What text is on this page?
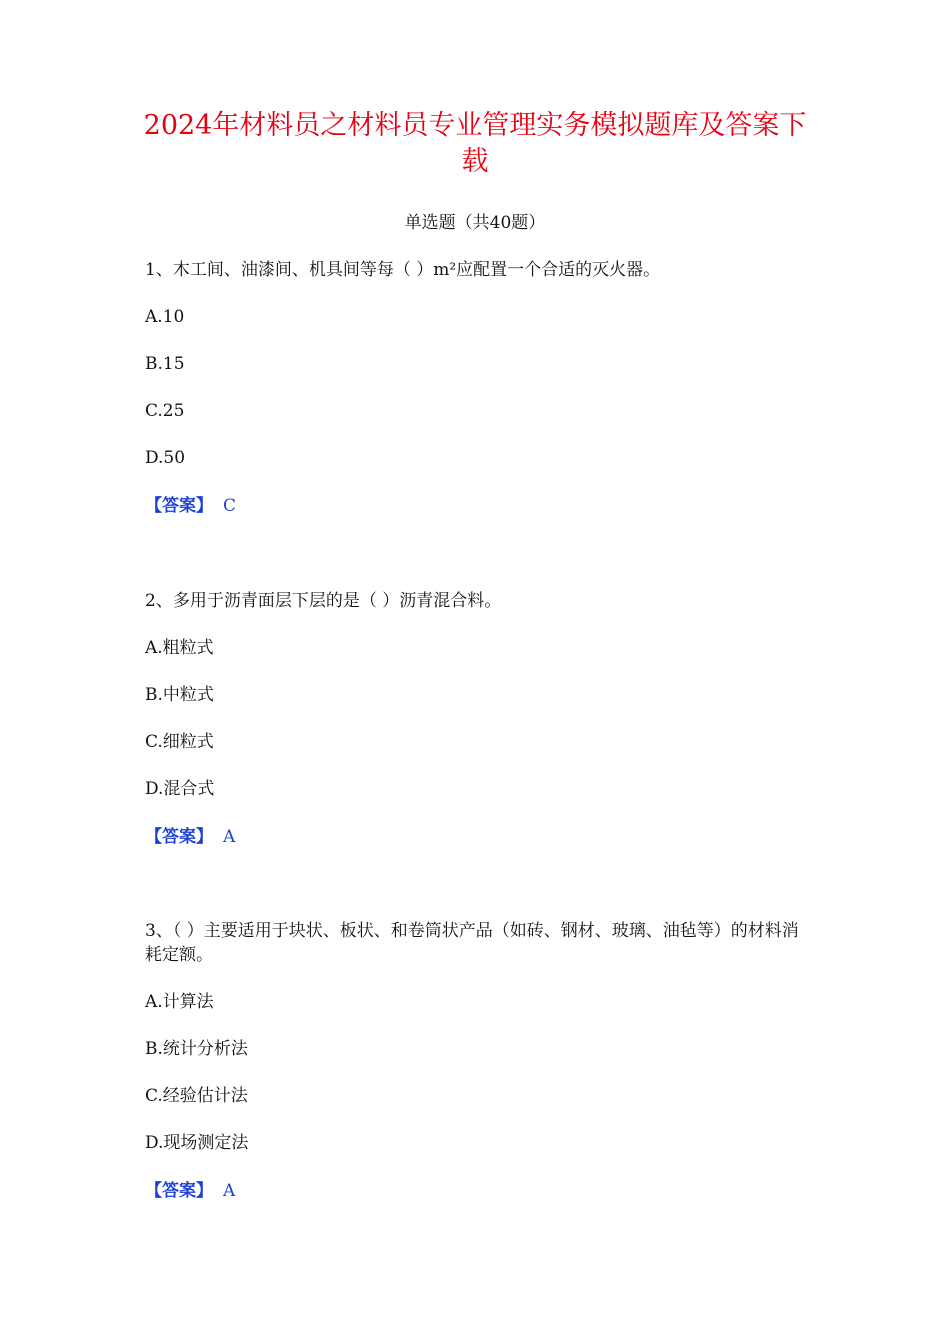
2024年材料员之材料员专业管理实务模拟题库及答案下载

单选题（共40题）

1、木工间、油漆间、机具间等每（ ）m²应配置一个合适的灭火器。

A.10

B.15

C.25

D.50

【答案】 C

2、多用于沥青面层下层的是（ ）沥青混合料。

A.粗粒式

B.中粒式

C.细粒式

D.混合式

【答案】 A

3、（ ）主要适用于块状、板状、和卷筒状产品（如砖、钢材、玻璃、油毡等）的材料消耗定额。

A.计算法

B.统计分析法

C.经验估计法

D.现场测定法

【答案】 A
